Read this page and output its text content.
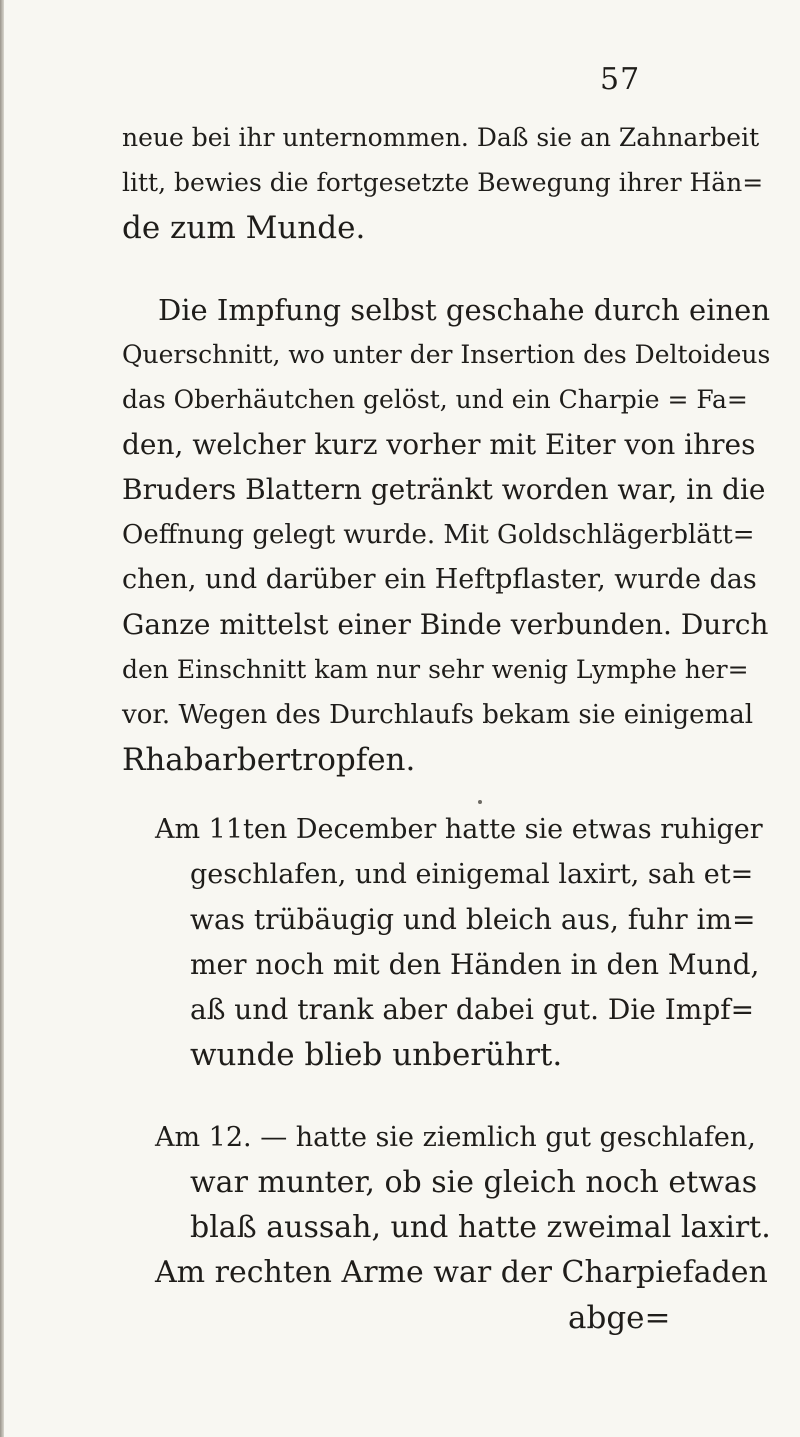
57
neue bei ihr unternommen. Daß sie an Zahnarbeit
litt, bewies die fortgesetzte Bewegung ihrer Hän=
de zum Munde.
Die Impfung selbst geschahe durch einen
Querschnitt, wo unter der Insertion des Deltoideus
das Oberhäutchen gelöst, und ein Charpie = Fa=
den, welcher kurz vorher mit Eiter von ihres
Bruders Blattern getränkt worden war, in die
Oeffnung gelegt wurde. Mit Goldschlägerblätt=
chen, und darüber ein Heftpflaster, wurde das
Ganze mittelst einer Binde verbunden. Durch
den Einschnitt kam nur sehr wenig Lymphe her=
vor. Wegen des Durchlaufs bekam sie einigemal
Rhabarbertropfen.
Am 11ten December hatte sie etwas ruhiger
geschlafen, und einigemal laxirt, sah et=
was trübäugig und bleich aus, fuhr im=
mer noch mit den Händen in den Mund,
aß und trank aber dabei gut. Die Impf=
wunde blieb unberührt.
Am 12. — hatte sie ziemlich gut geschlafen,
war munter, ob sie gleich noch etwas
blaß aussah, und hatte zweimal laxirt.
Am rechten Arme war der Charpiefaden
abge=
